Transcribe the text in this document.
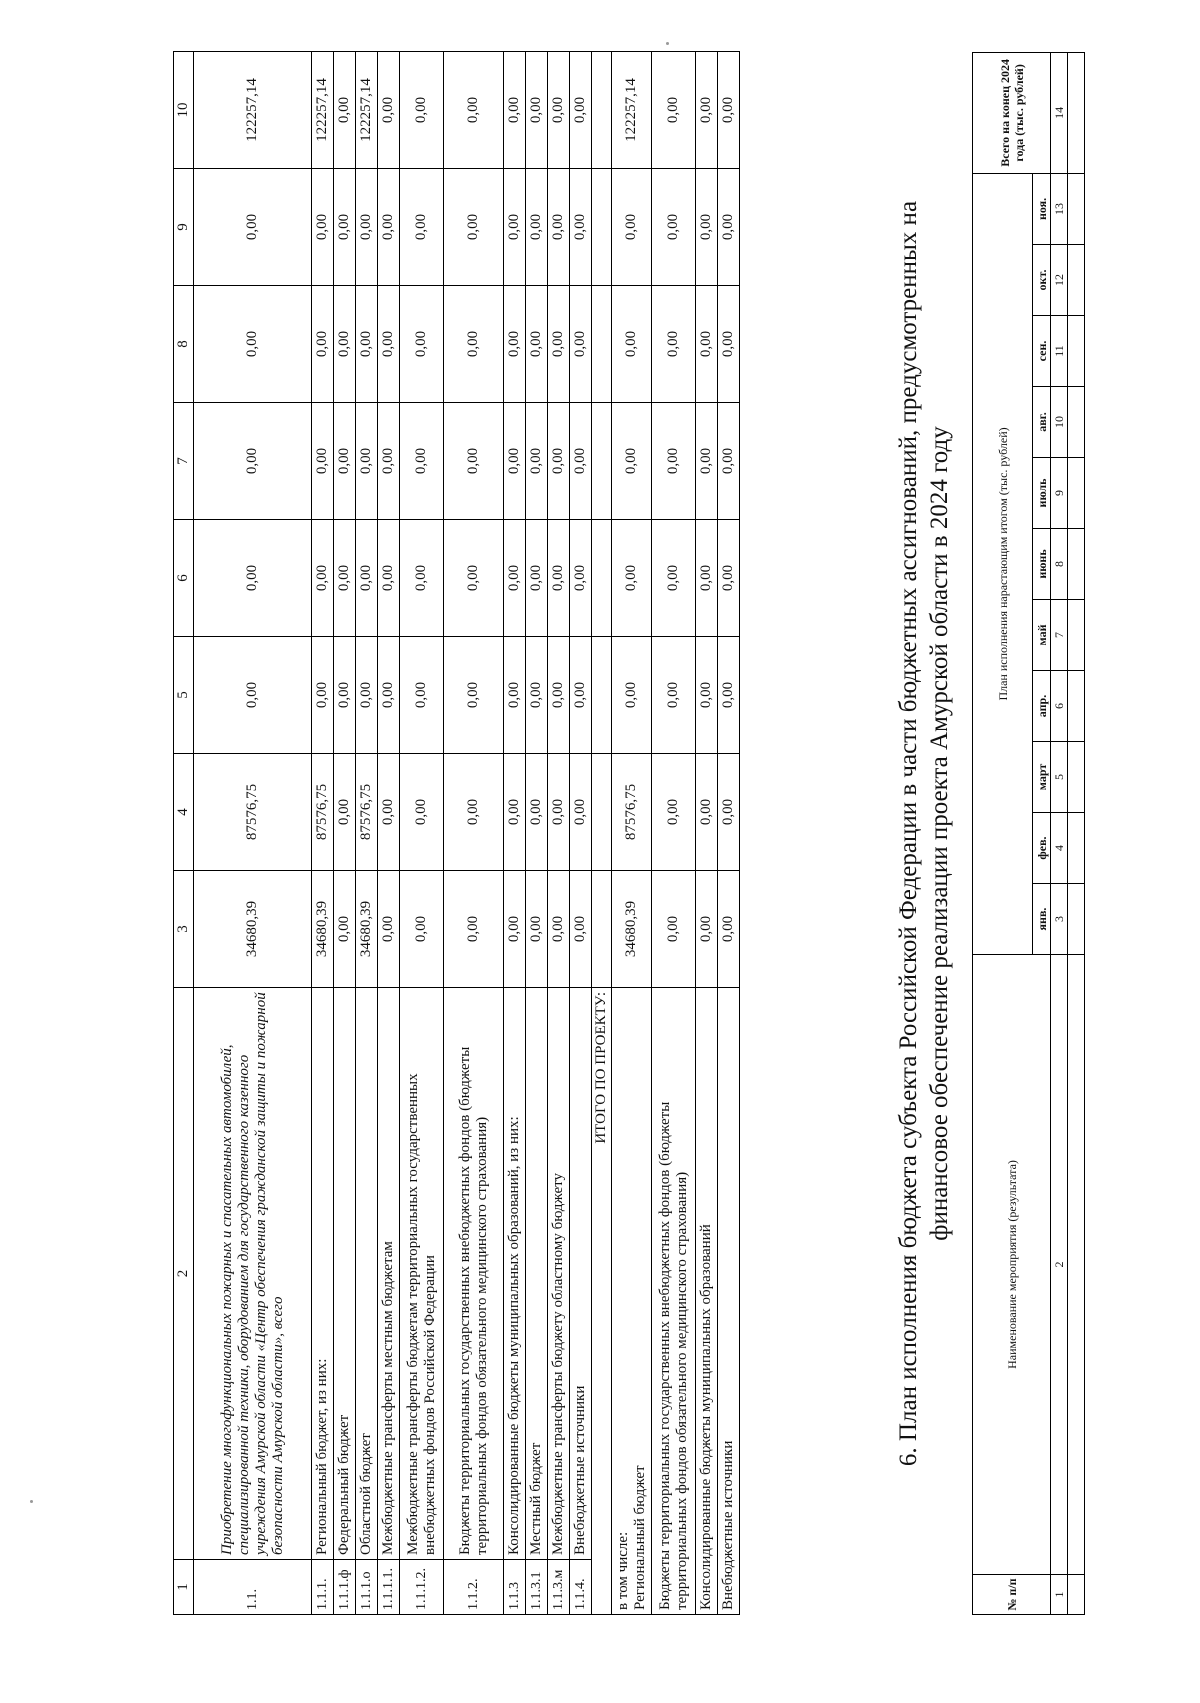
1	2	3	4	5	6	7	8	9	10
1.1.	Приобретение многофункциональных пожарных и спасательных автомобилей, специализированной техники, оборудованием для государственного казенного учреждения Амурской области «Центр обеспечения гражданской защиты и пожарной безопасности Амурской области», всего	34680,39	87576,75	0,00	0,00	0,00	0,00	0,00	122257,14
1.1.1.	Региональный бюджет, из них:	34680,39	87576,75	0,00	0,00	0,00	0,00	0,00	122257,14
1.1.1.ф	Федеральный бюджет	0,00	0,00	0,00	0,00	0,00	0,00	0,00	0,00
1.1.1.о	Областной бюджет	34680,39	87576,75	0,00	0,00	0,00	0,00	0,00	122257,14
1.1.1.1.	Межбюджетные трансферты местным бюджетам	0,00	0,00	0,00	0,00	0,00	0,00	0,00	0,00
1.1.1.2.	Межбюджетные трансферты бюджетам территориальных государственных внебюджетных фондов Российской Федерации	0,00	0,00	0,00	0,00	0,00	0,00	0,00	0,00
1.1.2.	Бюджеты территориальных государственных внебюджетных фондов (бюджеты территориальных фондов обязательного медицинского страхования)	0,00	0,00	0,00	0,00	0,00	0,00	0,00	0,00
1.1.3	Консолидированные бюджеты муниципальных образований, из них:	0,00	0,00	0,00	0,00	0,00	0,00	0,00	0,00
1.1.3.1	Местный бюджет	0,00	0,00	0,00	0,00	0,00	0,00	0,00	0,00
1.1.3.м	Межбюджетные трансферты бюджету областному бюджету	0,00	0,00	0,00	0,00	0,00	0,00	0,00	0,00
1.1.4.	Внебюджетные источники	0,00	0,00	0,00	0,00	0,00	0,00	0,00	0,00
ИТОГО ПО ПРОЕКТУ:									

в том числе: Региональный бюджет		34680,39	87576,75	0,00	0,00	0,00	0,00	0,00	122257,14
Бюджеты территориальных государственных внебюджетных фондов (бюджеты территориальных фондов обязательного медицинского страхования)		0,00	0,00	0,00	0,00	0,00	0,00	0,00	0,00
Консолидированные бюджеты муниципальных образований		0,00	0,00	0,00	0,00	0,00	0,00	0,00	0,00
Внебюджетные источники		0,00	0,00	0,00	0,00	0,00	0,00	0,00	0,00
6. План исполнения бюджета субъекта Российской Федерации в части бюджетных ассигнований, предусмотренных на финансовое обеспечение реализации проекта Амурской области в 2024 году
№ п/п	Наименование мероприятия (результата)	План исполнения нарастающим итогом (тыс. рублей)											Всего на конец 2024 года (тыс. рублей)
		янв.	фев.	март	апр.	май	июнь	июль	авг.	сен.	окт.	ноя.	
1	2	3	4	5	6	7	8	9	10	11	12	13	14
